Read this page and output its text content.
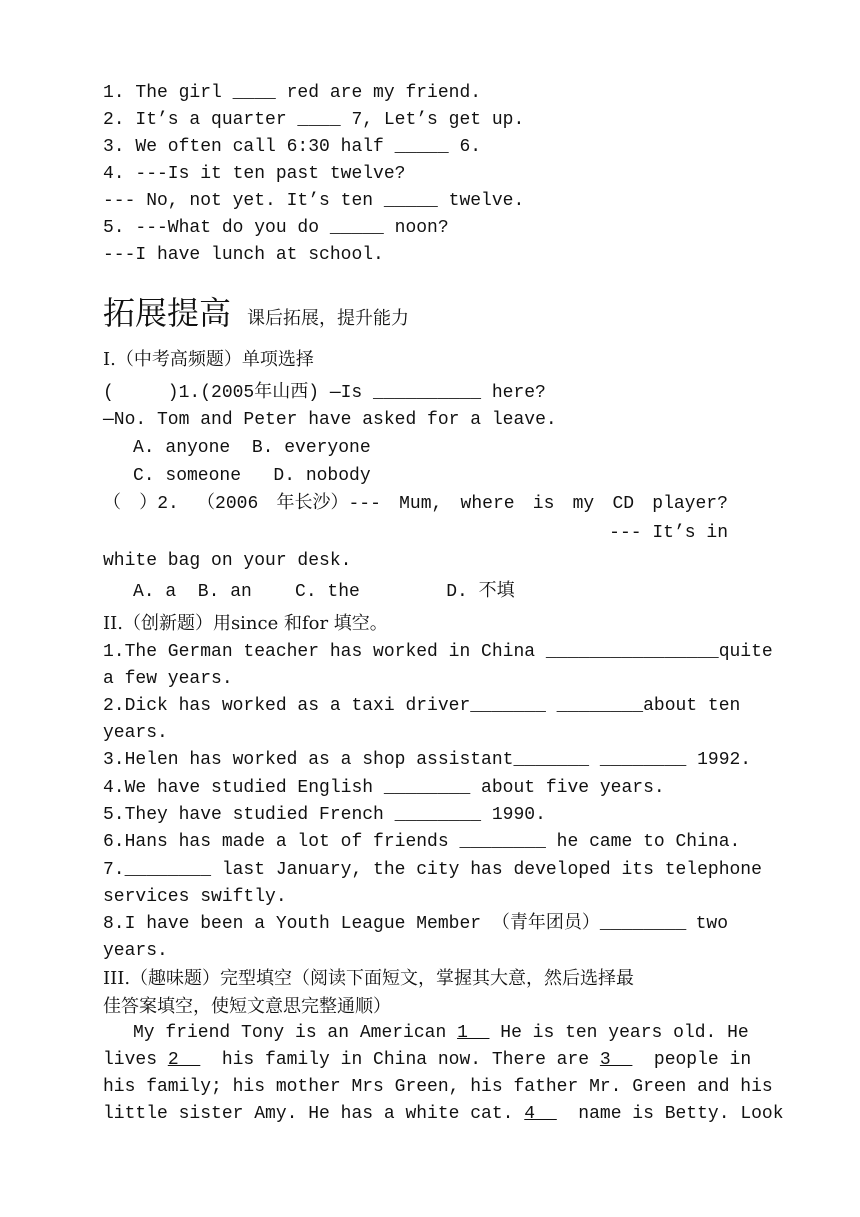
1. The girl ____ red are my friend.
2. It’s a quarter ____ 7, Let’s get up.
3. We often call 6:30 half _____ 6.
4. ---Is it ten past twelve?
--- No, not yet. It’s ten _____ twelve.
5. ---What do you do _____ noon?
---I have lunch at school.
拓展提高 课后拓展，提升能力
Ⅰ.（中考高频题）单项选择
(     )1.(2005年山西) —Is __________ here?
—No. Tom and Peter have asked for a leave.
A. anyone  B. everyone
C. someone   D. nobody
（ ）2. （2006 年长沙）--- Mum, where is my CD player?
--- It’s in
white bag on your desk.
A. a  B. an    C. the        D. 不填
II.（创新题）用since 和for 填空。
1.The German teacher has worked in China ________________ quite
a few years.
2.Dick has worked as a taxi driver_______ ________ about ten
years.
3.Helen has worked as a shop assistant_______ ________ 1992.
4.We have studied English ________ about five years.
5.They have studied French ________ 1990.
6.Hans has made a lot of friends ________ he came to China.
7.________ last January, the city has developed its telephone
services swiftly.
8.I have been a Youth League Member （青年团员）________ two
years.
III.（趣味题）完型填空（阅读下面短文，掌握其大意，然后选择最
佳答案填空，使短文意思完整通顺）
My friend Tony is an American 1_  He is ten years old. He
lives 2__  his family in China now. There are 3__  people in
his family; his mother Mrs Green, his father Mr. Green and his
little sister Amy. He has a white cat. 4__  name is Betty. Look
